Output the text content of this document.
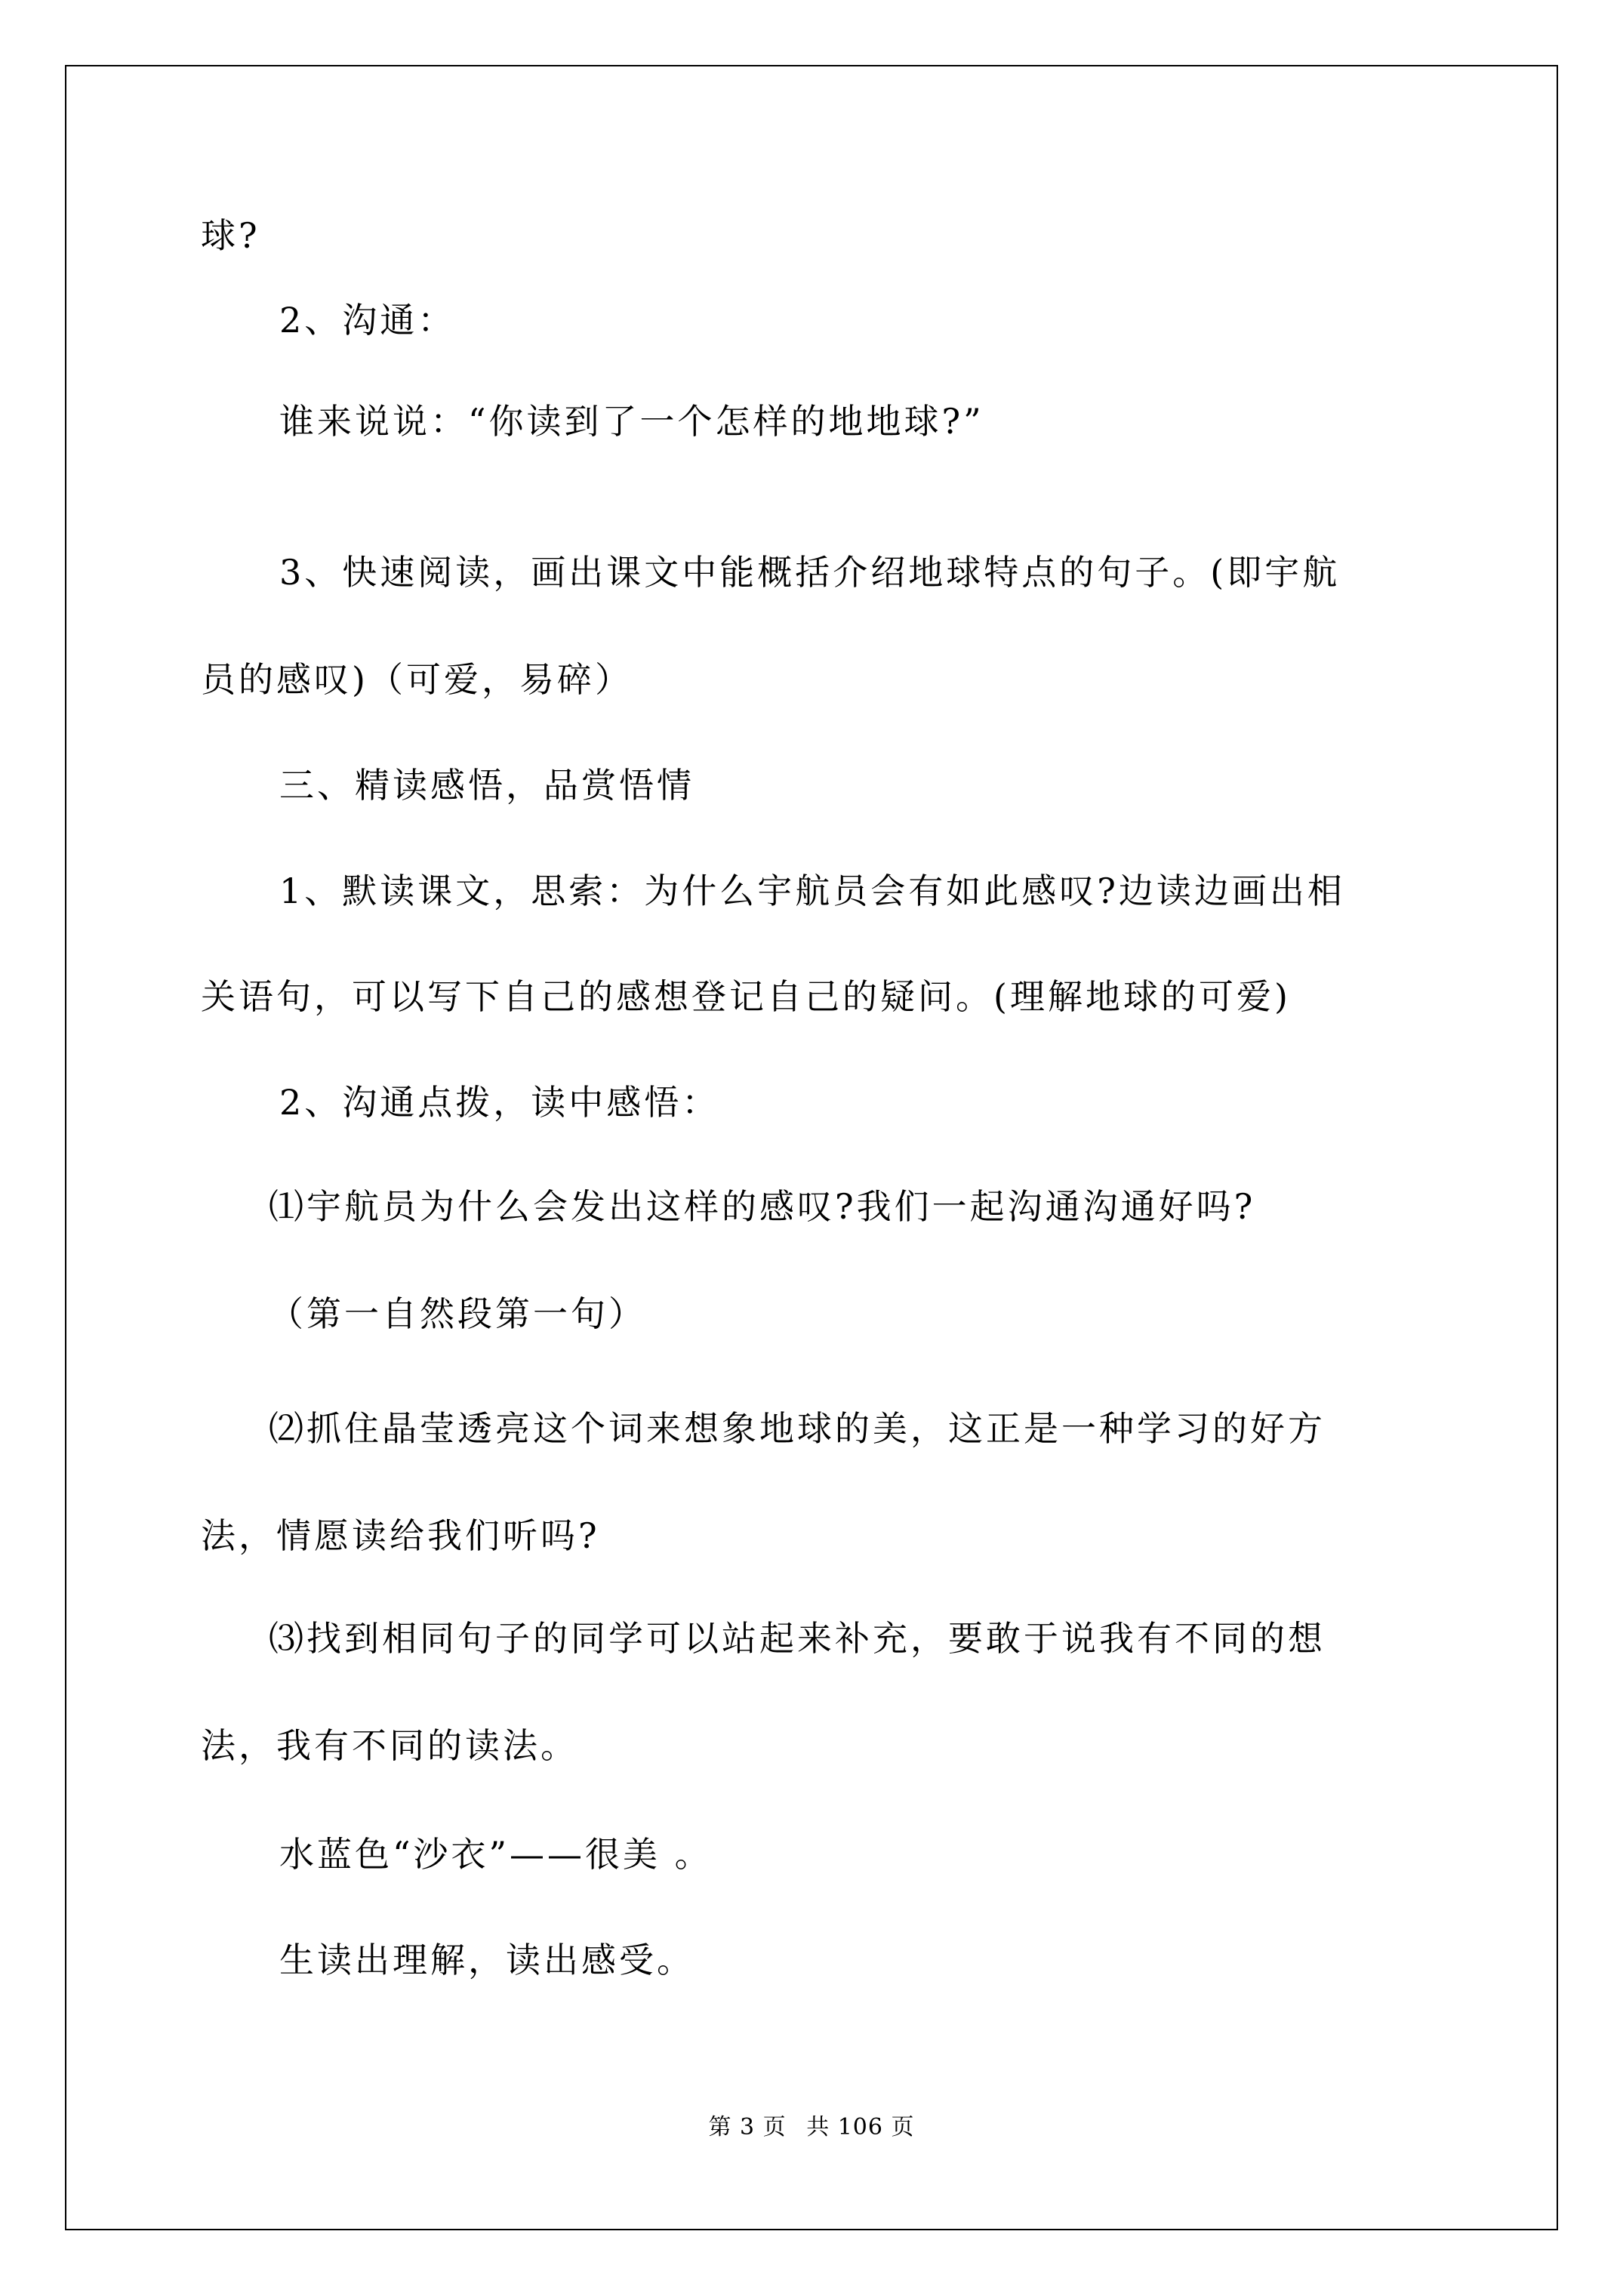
球?
2、沟通：
谁来说说：“你读到了一个怎样的地地球?”
3、快速阅读，画出课文中能概括介绍地球特点的句子。(即宇航
员的感叹)（可爱，易碎）
三、精读感悟，品赏悟情
1、默读课文，思索：为什么宇航员会有如此感叹?边读边画出相
关语句，可以写下自己的感想登记自己的疑问。(理解地球的可爱)
2、沟通点拨，读中感悟：
⑴宇航员为什么会发出这样的感叹?我们一起沟通沟通好吗?
（第一自然段第一句）
⑵抓住晶莹透亮这个词来想象地球的美，这正是一种学习的好方
法，情愿读给我们听吗?
⑶找到相同句子的同学可以站起来补充，要敢于说我有不同的想
法，我有不同的读法。
水蓝色“沙衣”——很美 。
生读出理解，读出感受。
第 3 页 共 106 页
